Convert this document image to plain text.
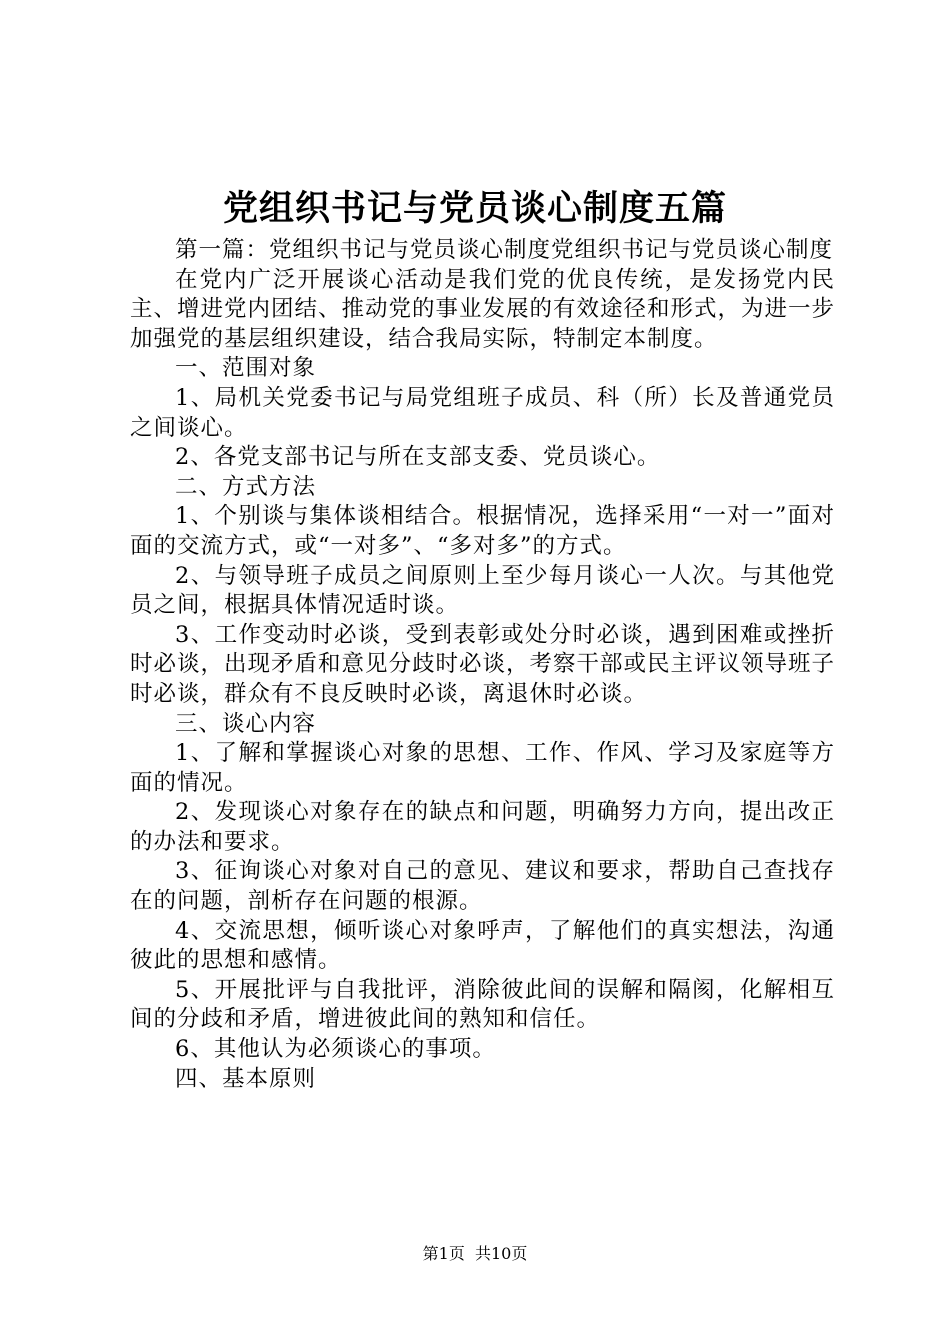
党组织书记与党员谈心制度五篇

第一篇：党组织书记与党员谈心制度党组织书记与党员谈心制度

在党内广泛开展谈心活动是我们党的优良传统，是发扬党内民主、增进党内团结、推动党的事业发展的有效途径和形式，为进一步加强党的基层组织建设，结合我局实际，特制定本制度。

一、范围对象

1、局机关党委书记与局党组班子成员、科（所）长及普通党员之间谈心。

2、各党支部书记与所在支部支委、党员谈心。

二、方式方法

1、个别谈与集体谈相结合。根据情况，选择采用“一对一”面对面的交流方式，或“一对多”、“多对多”的方式。

2、与领导班子成员之间原则上至少每月谈心一人次。与其他党员之间，根据具体情况适时谈。

3、工作变动时必谈，受到表彰或处分时必谈，遇到困难或挫折时必谈，出现矛盾和意见分歧时必谈，考察干部或民主评议领导班子时必谈，群众有不良反映时必谈，离退休时必谈。

三、谈心内容

1、了解和掌握谈心对象的思想、工作、作风、学习及家庭等方面的情况。

2、发现谈心对象存在的缺点和问题，明确努力方向，提出改正的办法和要求。

3、征询谈心对象对自己的意见、建议和要求，帮助自己查找存在的问题，剖析存在问题的根源。

4、交流思想，倾听谈心对象呼声，了解他们的真实想法，沟通彼此的思想和感情。

5、开展批评与自我批评，消除彼此间的误解和隔阂，化解相互间的分歧和矛盾，增进彼此间的熟知和信任。

6、其他认为必须谈心的事项。

四、基本原则

第1页  共10页
